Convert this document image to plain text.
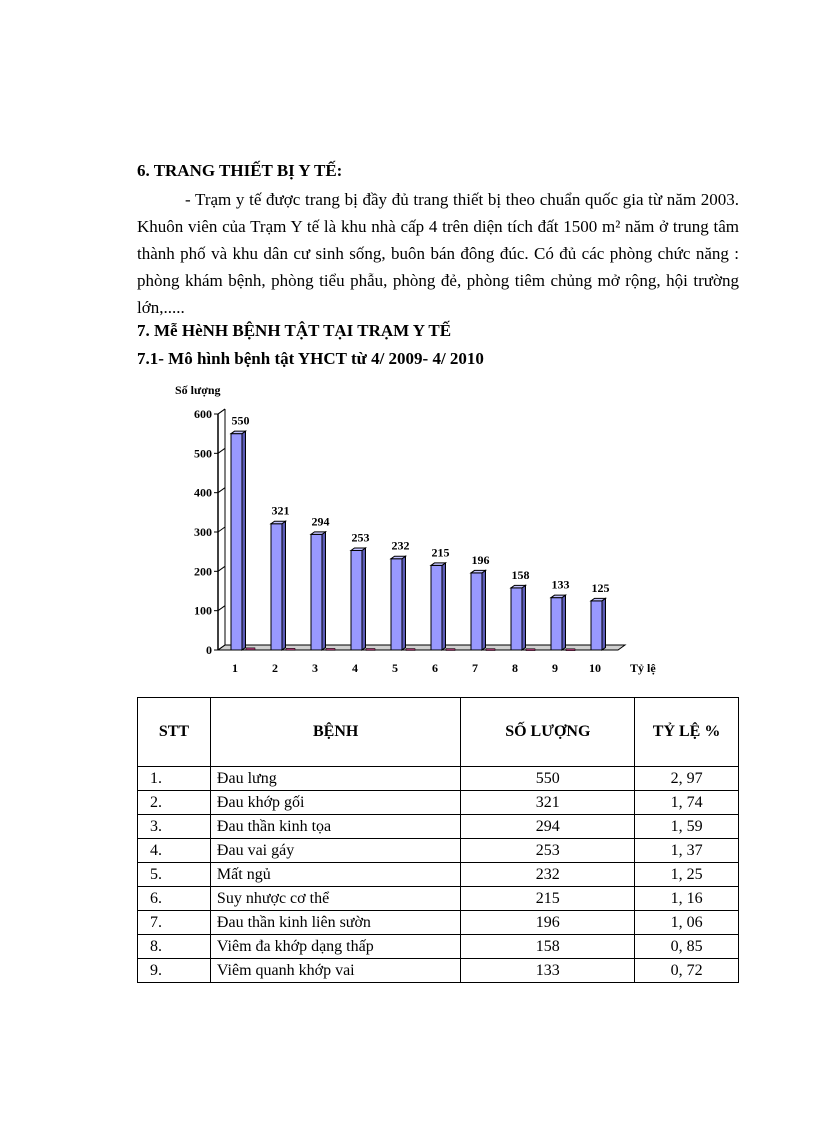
6. TRANG THIẾT BỊ Y TẾ:
- Trạm y tế được trang bị đầy đủ trang thiết bị theo chuẩn quốc gia từ năm 2003. Khuôn viên của Trạm Y tế là khu nhà cấp 4 trên diện tích đất 1500 m² năm ở trung tâm thành phố và khu dân cư sinh sống, buôn bán đông đúc. Có đủ các phòng chức năng : phòng khám bệnh, phòng tiểu phẫu, phòng đẻ, phòng tiêm chủng mở rộng, hội trường lớn,.....
7. Mễ HèNH BỆNH TẬT TẠI TRẠM Y TẾ
7.1- Mô hình bệnh tật YHCT từ 4/ 2009- 4/ 2010
0
100
200
300
400
500
600
Số lượng
550
1
321
2
294
3
253
4
232
5
215
6
196
7
158
8
133
9
125
10 Tỷ lệ
STT	BỆNH	SỐ LƯỢNG	TỶ LỆ %
1.	Đau lưng	550	2, 97
2.	Đau khớp gối	321	1, 74
3.	Đau thần kinh tọa	294	1, 59
4.	Đau vai gáy	253	1, 37
5.	Mất ngủ	232	1, 25
6.	Suy nhược cơ thể	215	1, 16
7.	Đau thần kinh liên sườn	196	1, 06
8.	Viêm đa khớp dạng thấp	158	0, 85
9.	Viêm quanh khớp vai	133	0, 72
